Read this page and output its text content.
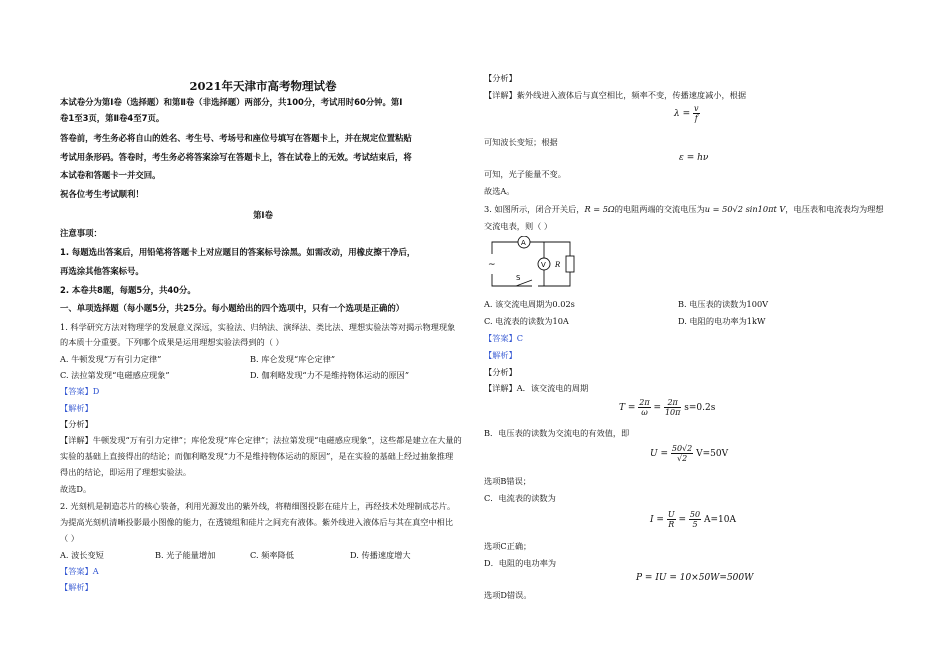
2021年天津市高考物理试卷
本试卷分为第Ⅰ卷（选择题）和第Ⅱ卷（非选择题）两部分，共100分，考试用时60分钟。第Ⅰ
卷1至3页，第Ⅱ卷4至7页。
答卷前，考生务必将自山的姓名、考生号、考场号和座位号填写在答题卡上，并在规定位置粘贴
考试用条形码。答卷时，考生务必将答案涂写在答题卡上，答在试卷上的无效。考试结束后，将
本试卷和答题卡一并交回。
祝各位考生考试顺利！
第Ⅰ卷
注意事项：
1. 每题选出答案后，用铅笔将答题卡上对应题目的答案标号涂黑。如需改动，用橡皮擦干净后，
再选涂其他答案标号。
2. 本卷共8题，每题5分，共40分。
一、单项选择题（每小题5分，共25分。每小题给出的四个选项中，只有一个选项是正确的）
1. 科学研究方法对物理学的发展意义深远，实验法、归纳法、演绎法、类比法、理想实验法等对揭示物理现象
的本质十分重要。下列哪个成果是运用理想实验法得到的（ ）
A. 牛顿发现“万有引力定律”	B. 库仑发现“库仑定律”
C. 法拉第发现“电磁感应现象”	D. 伽利略发现“力不是维持物体运动的原因”
【答案】D
【解析】
【分析】
【详解】牛顿发现“万有引力定律”；库伦发现“库仑定律”；法拉第发现“电磁感应现象”，这些都是建立在大量的
实验的基础上直接得出的结论；而伽利略发现“力不是维持物体运动的原因”，是在实验的基础上经过抽象推理
得出的结论，即运用了理想实验法。
故选D。
2. 光刻机是制造芯片的核心装备，利用光源发出的紫外线，将精细图投影在硅片上，再经技术处理制成芯片。
为提高光刻机清晰投影最小图像的能力，在透镜组和硅片之间充有液体。紫外线进入液体后与其在真空中相比
（ ）
A. 波长变短	B. 光子能量增加	C. 频率降低	D. 传播速度增大
【答案】A
【解析】
【分析】
【详解】紫外线进入液体后与真空相比，频率不变，传播速度减小，根据
$\lambda = \frac{v}{f}$
可知波长变短；根据
ε = hν
可知，光子能量不变。
故选A。
3. 如图所示，闭合开关后，R = 5Ω的电阻两端的交流电压为u = 50√2 sin10πt V，电压表和电流表均为理想
交流电表，则（ ）
A
V R
S
~
A. 该交流电周期为0.02s	B. 电压表的读数为100V
C. 电流表的读数为10A	D. 电阻的电功率为1kW
【答案】C
【解析】
【分析】
【详解】A．该交流电的周期
$T = \frac{2\pi}{\omega} = \frac{2\pi}{10\pi} s=0.2s$
B．电压表的读数为交流电的有效值，即
$U = \frac{50√2}{√2} V=50V$
选项B错误；
C．电流表的读数为
$I = \frac{U}{R} = \frac{50}{5} A=10A$
选项C正确；
D．电阻的电功率为
P = IU = 10×50W=500W
选项D错误。
